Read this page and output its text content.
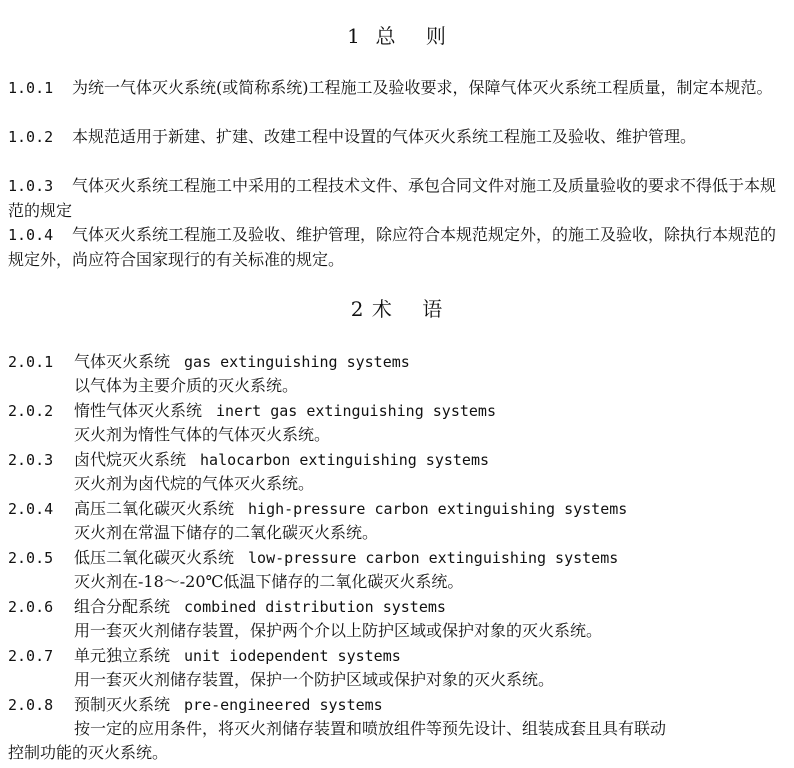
1  总    则
1.0.1 为统一气体灭火系统(或简称系统)工程施工及验收要求，保障气体灭火系统工程质量，制定本规范。
1.0.2 本规范适用于新建、扩建、改建工程中设置的气体灭火系统工程施工及验收、维护管理。
1.0.3 气体灭火系统工程施工中采用的工程技术文件、承包合同文件对施工及质量验收的要求不得低于本规范的规定
1.0.4 气体灭火系统工程施工及验收、维护管理，除应符合本规范规定外，的施工及验收，除执行本规范的规定外，尚应符合国家现行的有关标准的规定。
2 术    语
2.0.1 气体灭火系统 gas extinguishing systems
以气体为主要介质的灭火系统。
2.0.2 惰性气体灭火系统 inert gas extinguishing systems
灭火剂为惰性气体的气体灭火系统。
2.0.3 卤代烷灭火系统 halocarbon extinguishing systems
灭火剂为卤代烷的气体灭火系统。
2.0.4 高压二氧化碳灭火系统 high-pressure carbon extinguishing systems
灭火剂在常温下储存的二氧化碳灭火系统。
2.0.5 低压二氧化碳灭火系统 low-pressure carbon extinguishing systems
灭火剂在-18～-20℃低温下储存的二氧化碳灭火系统。
2.0.6 组合分配系统 combined distribution systems
用一套灭火剂储存装置，保护两个介以上防护区域或保护对象的灭火系统。
2.0.7 单元独立系统 unit iodependent systems
用一套灭火剂储存装置，保护一个防护区域或保护对象的灭火系统。
2.0.8 预制灭火系统 pre-engineered systems
按一定的应用条件，将灭火剂储存装置和喷放组件等预先设计、组装成套且具有联动
控制功能的灭火系统。
